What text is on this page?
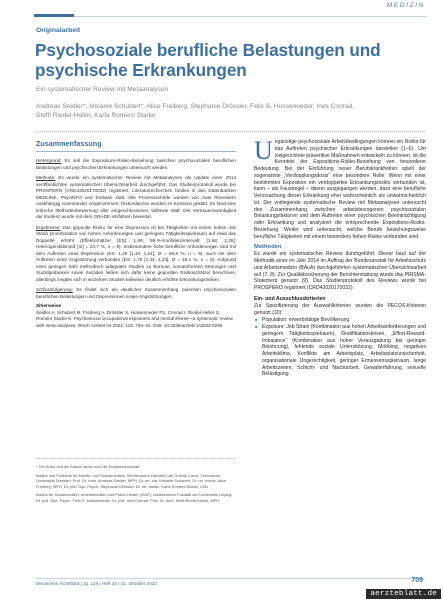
MEDIZIN
Originalarbeit
Psychosoziale berufliche Belastungen und psychische Erkrankungen
Ein systematischer Review mit Metaanalysen
Andreas Seidler*, Melanie Schubert*, Alice Freiberg, Stephanie Drössler, Felix S. Hussenoeder, Ines Conrad, Steffi Riedel-Heller, Karla Romero Starke
Zusammenfassung

Hintergrund: Es soll die Expositions-Risiko-Beziehung zwischen psychosozialen beruflichen Belastungen und psychischen Erkrankungen untersucht werden.

Methode: Es wurde ein systematischer Review mit Metaanalysen als Update einer 2014 veröffentlichten systematischen Übersichtsarbeit durchgeführt. Das Studienprotokoll wurde bei PROSPERO (CRD42020170032) registriert. Literaturrecherchen fanden in den Datenbanken MEDLINE, PsycINFO und Embase statt. Alle Prozessschritte wurden von zwei Reviewern unabhängig voneinander vorgenommen; Diskordanzen wurden im Konsens geklärt. Es fand eine kritische Methodenbewertung aller eingeschlossenen Volltexte statt. Die Vertrauenswürdigkeit der Evidenz wurde mit dem GRADE-Verfahren bewertet.

Ergebnisse: Das gepoolte Risiko für eine Depression ist bei Tätigkeiten mit einem hohen Job Strain (Kombination von hohen Anforderungen und geringem Tätigkeitsspielraum) auf etwa das Doppelte erhöht (Effektschätzer [ES]: 1,99; 95-%-Konfidenzintervall: [1,68; 2,35]; Heterogenitätsmaß [I2] = 24,7 %; n = 8). Insbesondere hohe berufliche Anforderungen sind mit dem Auftreten einer Depression (ES: 1,28 [1,19; 1,61]; I2 = 69,8 %; n = 9), auch mit dem Auftreten einer Angststörung verbunden (ES: 1,79 [1,44; 2,23]; I2 = 48,1 %; n = 5). Aufgrund einer geringen Zahl methodisch adäquater Studien zu Burnout, somatoformen Störungen und Suizidgedanken sowie Suiziden ließen sich dafür keine gepoolten Risikoschätzer berechnen, allerdings zeigten sich in einzelnen Studien teilweise deutlich erhöhte Erkrankungsrisiken.

Schlussfolgerung: Es findet sich ein deutlicher Zusammenhang zwischen psychosozialen beruflichen Belastungen und Depressionen sowie Angststörungen.

Zitierweise
Seidler A, Schubert M, Freiberg A, Drössler S, Hussenoeder FS, Conrad I, Riedel-Heller S, Romero Starke K: Psychosocial occupational exposures and mental illness—a systematic review with meta-analyses. Dtsch Arztebl Int 2022; 119: 709–15. DOI: 10.3238/arztebl.m2022.0295

* Der Autor und die Autorin teilen sich die Erstautorenschaft

Institut und Poliklinik für Arbeits- und Sozialmedizin, Medizinische Fakultät Carl Gustav Carus, Technische Universität Dresden: Prof. Dr. med. Andreas Seidler, MPH, Dr. rer. nat. Melanie Schubert, Dr. rer. medic. Alice Freiberg, MPH, Dr. phil. Dipl.-Psych. Stephanie Drössler, Dr. rer. medic. Karla Romero Starke, MSc

Institut für Sozialmedizin, Arbeitsmedizin und Public Health (ISAP), Medizinische Fakultät der Universität Leipzig: Dr. phil. Dipl.-Psych. Felix S. Hussenoeder, Dr. phil. Ines Conrad, Prof. Dr. med. Steffi Riedel-Heller, MPH

Ungünstige psychosoziale Arbeitsbedingungen können ein Risiko für das Auftreten psychischer Erkrankungen darstellen (1–6). Um zielgerichtete präventive Maßnahmen entwickeln zu können, ist die Kenntnis der Expositions-Risiko-Beziehung von besonderer Bedeutung. Bei der Einführung neuer Berufskrankheiten spielt der sogenannte „Verdopplungsdosis“ eine besondere Rolle: Wenn mit einer bestimmten Exposition ein verdoppeltes Erkrankungsrisiko verbunden ist, kann – als Faustregel – davon ausgegangen werden, dass eine berufliche Verursachung dieser Erkrankung eher wahrscheinlich als unwahrscheinlich ist. Der vorliegende systematische Review mit Metaanalysen untersucht den Zusammenhang zwischen arbeitsbezogenen psychosozialen Belastungsfaktoren und dem Auftreten einer psychischen Beeinträchtigung oder Erkrankung und analysiert die entsprechende Expositions-Risiko-Beziehung. Weiter wird untersucht, welche Berufe beziehungsweise berufliche Tätigkeiten mit einem besonders hohen Risiko verbunden sind.

Methoden

Es wurde ein systematischer Review durchgeführt. Dieser baut auf der Methodik einer im Jahr 2014 im Auftrag der Bundesanstalt für Arbeitsschutz und Arbeitsmedizin (BAuA) durchgeführten systematischen Übersichtsarbeit auf (7, 8). Zur Qualitätssicherung der Berichterstattung wurde das PRISMA-Statement genutzt (9). Das Studienprotokoll des Reviews wurde bei PROSPERO registriert (CRD42020170032).

Ein- und Ausschlusskriterien

Zur Spezifizierung der Auswahlkriterien wurden die PECOS-Kriterien genutzt (10):

■ Population: erwerbstätige Bevölkerung
■ Exposure: Job Strain (Kombination aus hohen Arbeitsanforderungen und geringem Tätigkeitsspielraum), Gratifikationskrisen, „Effort-Reward-Imbalance“ (Kombination aus hoher Verausgabung bei geringer Belohnung), fehlende soziale Unterstützung, Mobbing, negatives Arbeitsklima, Konflikte am Arbeitsplatz, Arbeitsplatzunsicherheit, organisationale Ungerechtigkeit, geringer Ermessensspielraum, lange Arbeitszeiten, Schicht- und Nachtarbeit, Gewalterfahrung, sexuelle Belästigung
Deutsches Ärzteblatt | Jg. 119 | Heft 42 | 21. Oktober 2022	709
aerzteblatt.de
